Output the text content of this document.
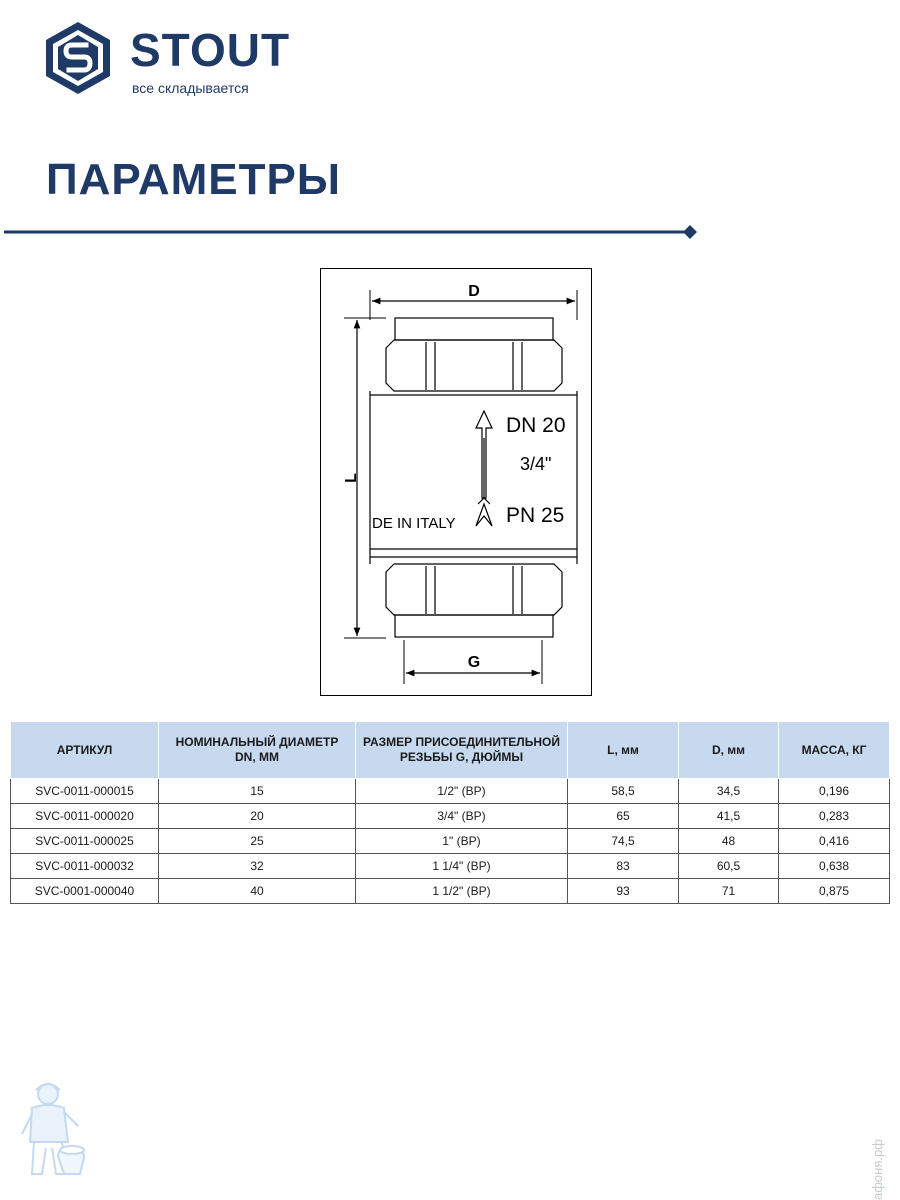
STOUT
все складывается
ПАРАМЕТРЫ
D
L
G
DN 20
3/4"
PN 25
DE IN ITALY
АРТИКУЛ	НОМИНАЛЬНЫЙ ДИАМЕТР DN, ММ	РАЗМЕР ПРИСОЕДИНИТЕЛЬНОЙ РЕЗЬБЫ G, ДЮЙМЫ	L, мм	D, мм	МАССА, КГ
SVC-0011-000015	15	1/2" (ВР)	58,5	34,5	0,196
SVC-0011-000020	20	3/4" (ВР)	65	41,5	0,283
SVC-0011-000025	25	1" (ВР)	74,5	48	0,416
SVC-0011-000032	32	1 1/4" (ВР)	83	60,5	0,638
SVC-0001-000040	40	1 1/2" (ВР)	93	71	0,875
афоня.рф
